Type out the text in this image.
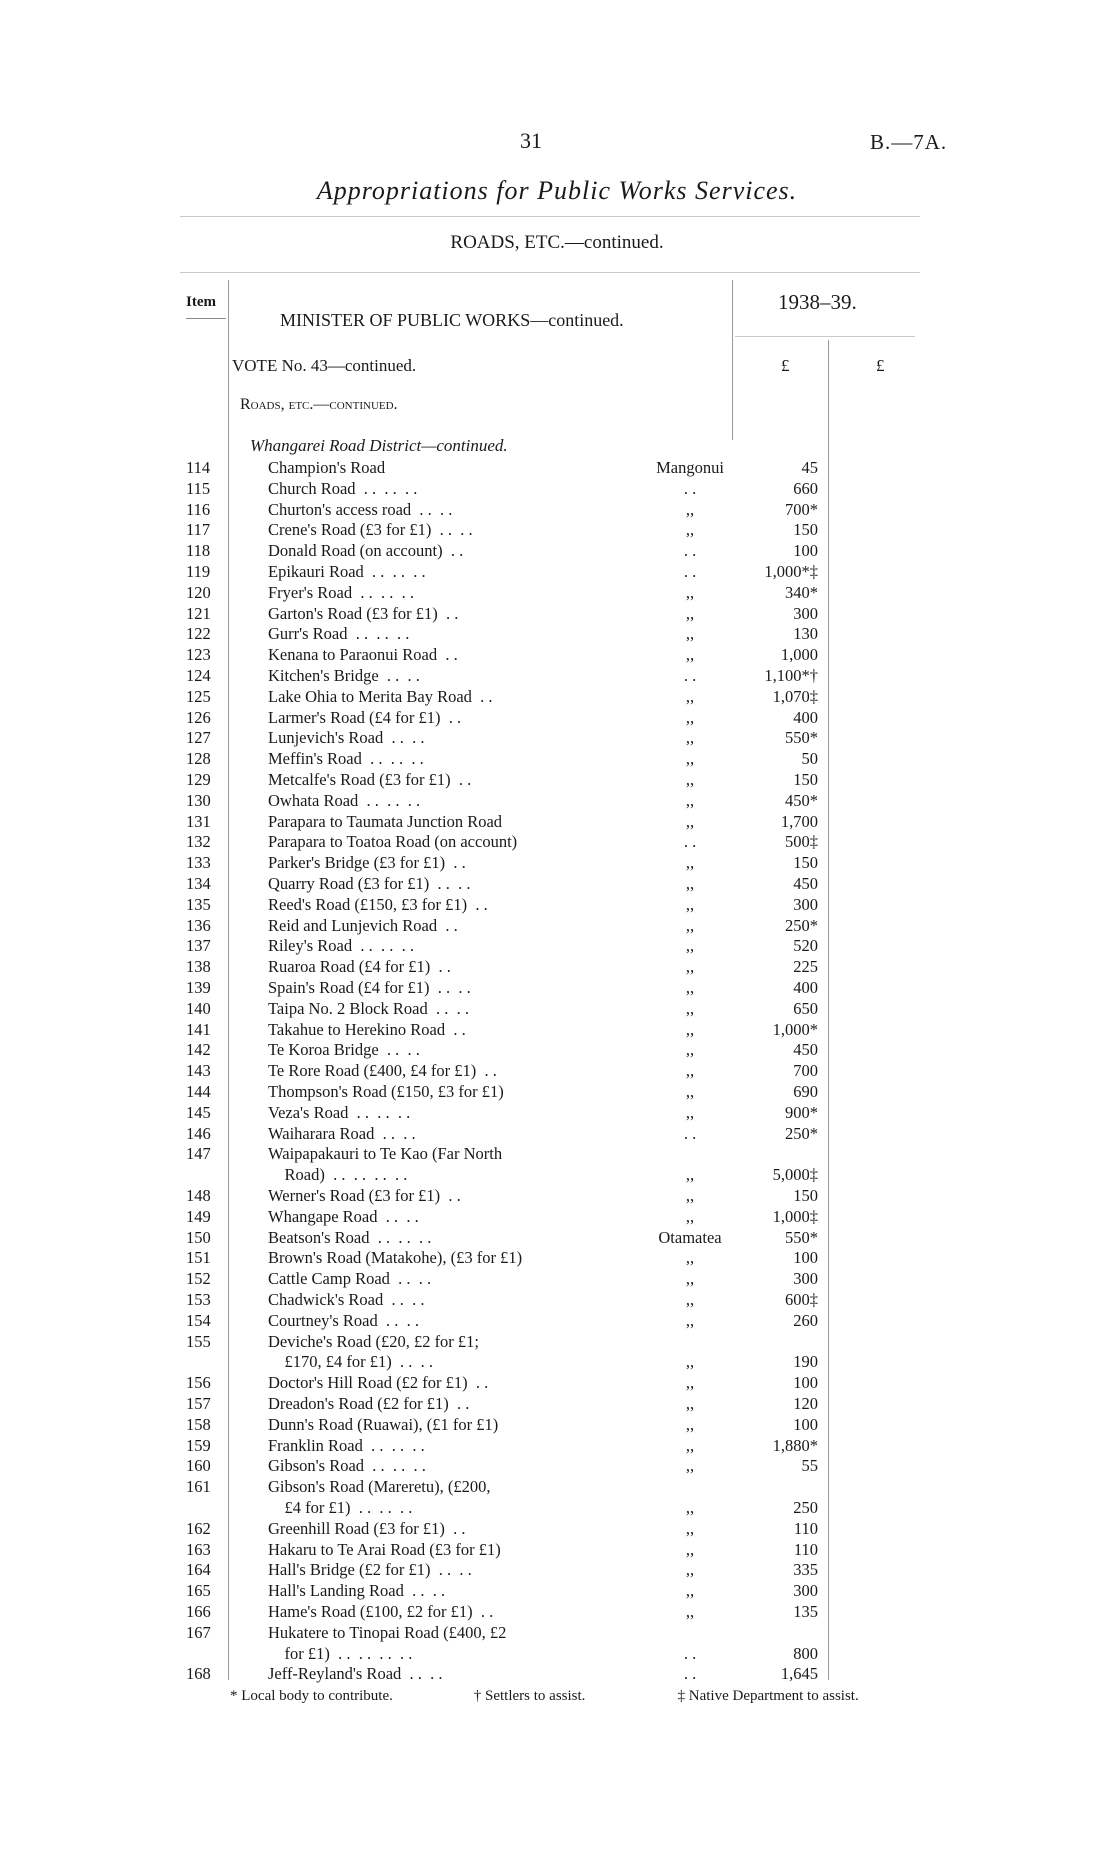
31	B.—7A.
Appropriations for Public Works Services.
ROADS, ETC.—continued.
Item
MINISTER OF PUBLIC WORKS—continued.
1938–39.
VOTE No. 43—continued.	£	£
Roads, etc.—continued.
Whangarei Road District—continued.
114	Champion's Road	Mangonui	45
115	Church Road  . .  . .  . .	. .	660
116	Churton's access road  . .  . .	,,	700*
117	Crene's Road (£3 for £1)  . .  . .	,,	150
118	Donald Road (on account)  . .	. .	100
119	Epikauri Road  . .  . .  . .	. .	1,000*‡
120	Fryer's Road  . .  . .  . .	,,	340*
121	Garton's Road (£3 for £1)  . .	,,	300
122	Gurr's Road  . .  . .  . .	,,	130
123	Kenana to Paraonui Road  . .	,,	1,000
124	Kitchen's Bridge  . .  . .	. .	1,100*†
125	Lake Ohia to Merita Bay Road  . .	,,	1,070‡
126	Larmer's Road (£4 for £1)  . .	,,	400
127	Lunjevich's Road  . .  . .	,,	550*
128	Meffin's Road  . .  . .  . .	,,	50
129	Metcalfe's Road (£3 for £1)  . .	,,	150
130	Owhata Road  . .  . .  . .	,,	450*
131	Parapara to Taumata Junction Road	,,	1,700
132	Parapara to Toatoa Road (on account)	. .	500‡
133	Parker's Bridge (£3 for £1)  . .	,,	150
134	Quarry Road (£3 for £1)  . .  . .	,,	450
135	Reed's Road (£150, £3 for £1)  . .	,,	300
136	Reid and Lunjevich Road  . .	,,	250*
137	Riley's Road  . .  . .  . .	,,	520
138	Ruaroa Road (£4 for £1)  . .	,,	225
139	Spain's Road (£4 for £1)  . .  . .	,,	400
140	Taipa No. 2 Block Road  . .  . .	,,	650
141	Takahue to Herekino Road  . .	,,	1,000*
142	Te Koroa Bridge  . .  . .	,,	450
143	Te Rore Road (£400, £4 for £1)  . .	,,	700
144	Thompson's Road (£150, £3 for £1)	,,	690
145	Veza's Road  . .  . .  . .	,,	900*
146	Waiharara Road  . .  . .	. .	250*
147	Waipapakauri to Te Kao (Far North
Road)  . .  . .  . .  . .	,,	5,000‡
148	Werner's Road (£3 for £1)  . .	,,	150
149	Whangape Road  . .  . .	,,	1,000‡
150	Beatson's Road  . .  . .  . .	Otamatea	550*
151	Brown's Road (Matakohe), (£3 for £1)	,,	100
152	Cattle Camp Road  . .  . .	,,	300
153	Chadwick's Road  . .  . .	,,	600‡
154	Courtney's Road  . .  . .	,,	260
155	Deviche's Road (£20, £2 for £1;
£170, £4 for £1)  . .  . .	,,	190
156	Doctor's Hill Road (£2 for £1)  . .	,,	100
157	Dreadon's Road (£2 for £1)  . .	,,	120
158	Dunn's Road (Ruawai), (£1 for £1)	,,	100
159	Franklin Road  . .  . .  . .	,,	1,880*
160	Gibson's Road  . .  . .  . .	,,	55
161	Gibson's Road (Mareretu), (£200,
£4 for £1)  . .  . .  . .	,,	250
162	Greenhill Road (£3 for £1)  . .	,,	110
163	Hakaru to Te Arai Road (£3 for £1)	,,	110
164	Hall's Bridge (£2 for £1)  . .  . .	,,	335
165	Hall's Landing Road  . .  . .	,,	300
166	Hame's Road (£100, £2 for £1)  . .	,,	135
167	Hukatere to Tinopai Road (£400, £2
for £1)  . .  . .  . .  . .	. .	800
168	Jeff-Reyland's Road  . .  . .	. .	1,645
* Local body to contribute.	† Settlers to assist.	‡ Native Department to assist.
